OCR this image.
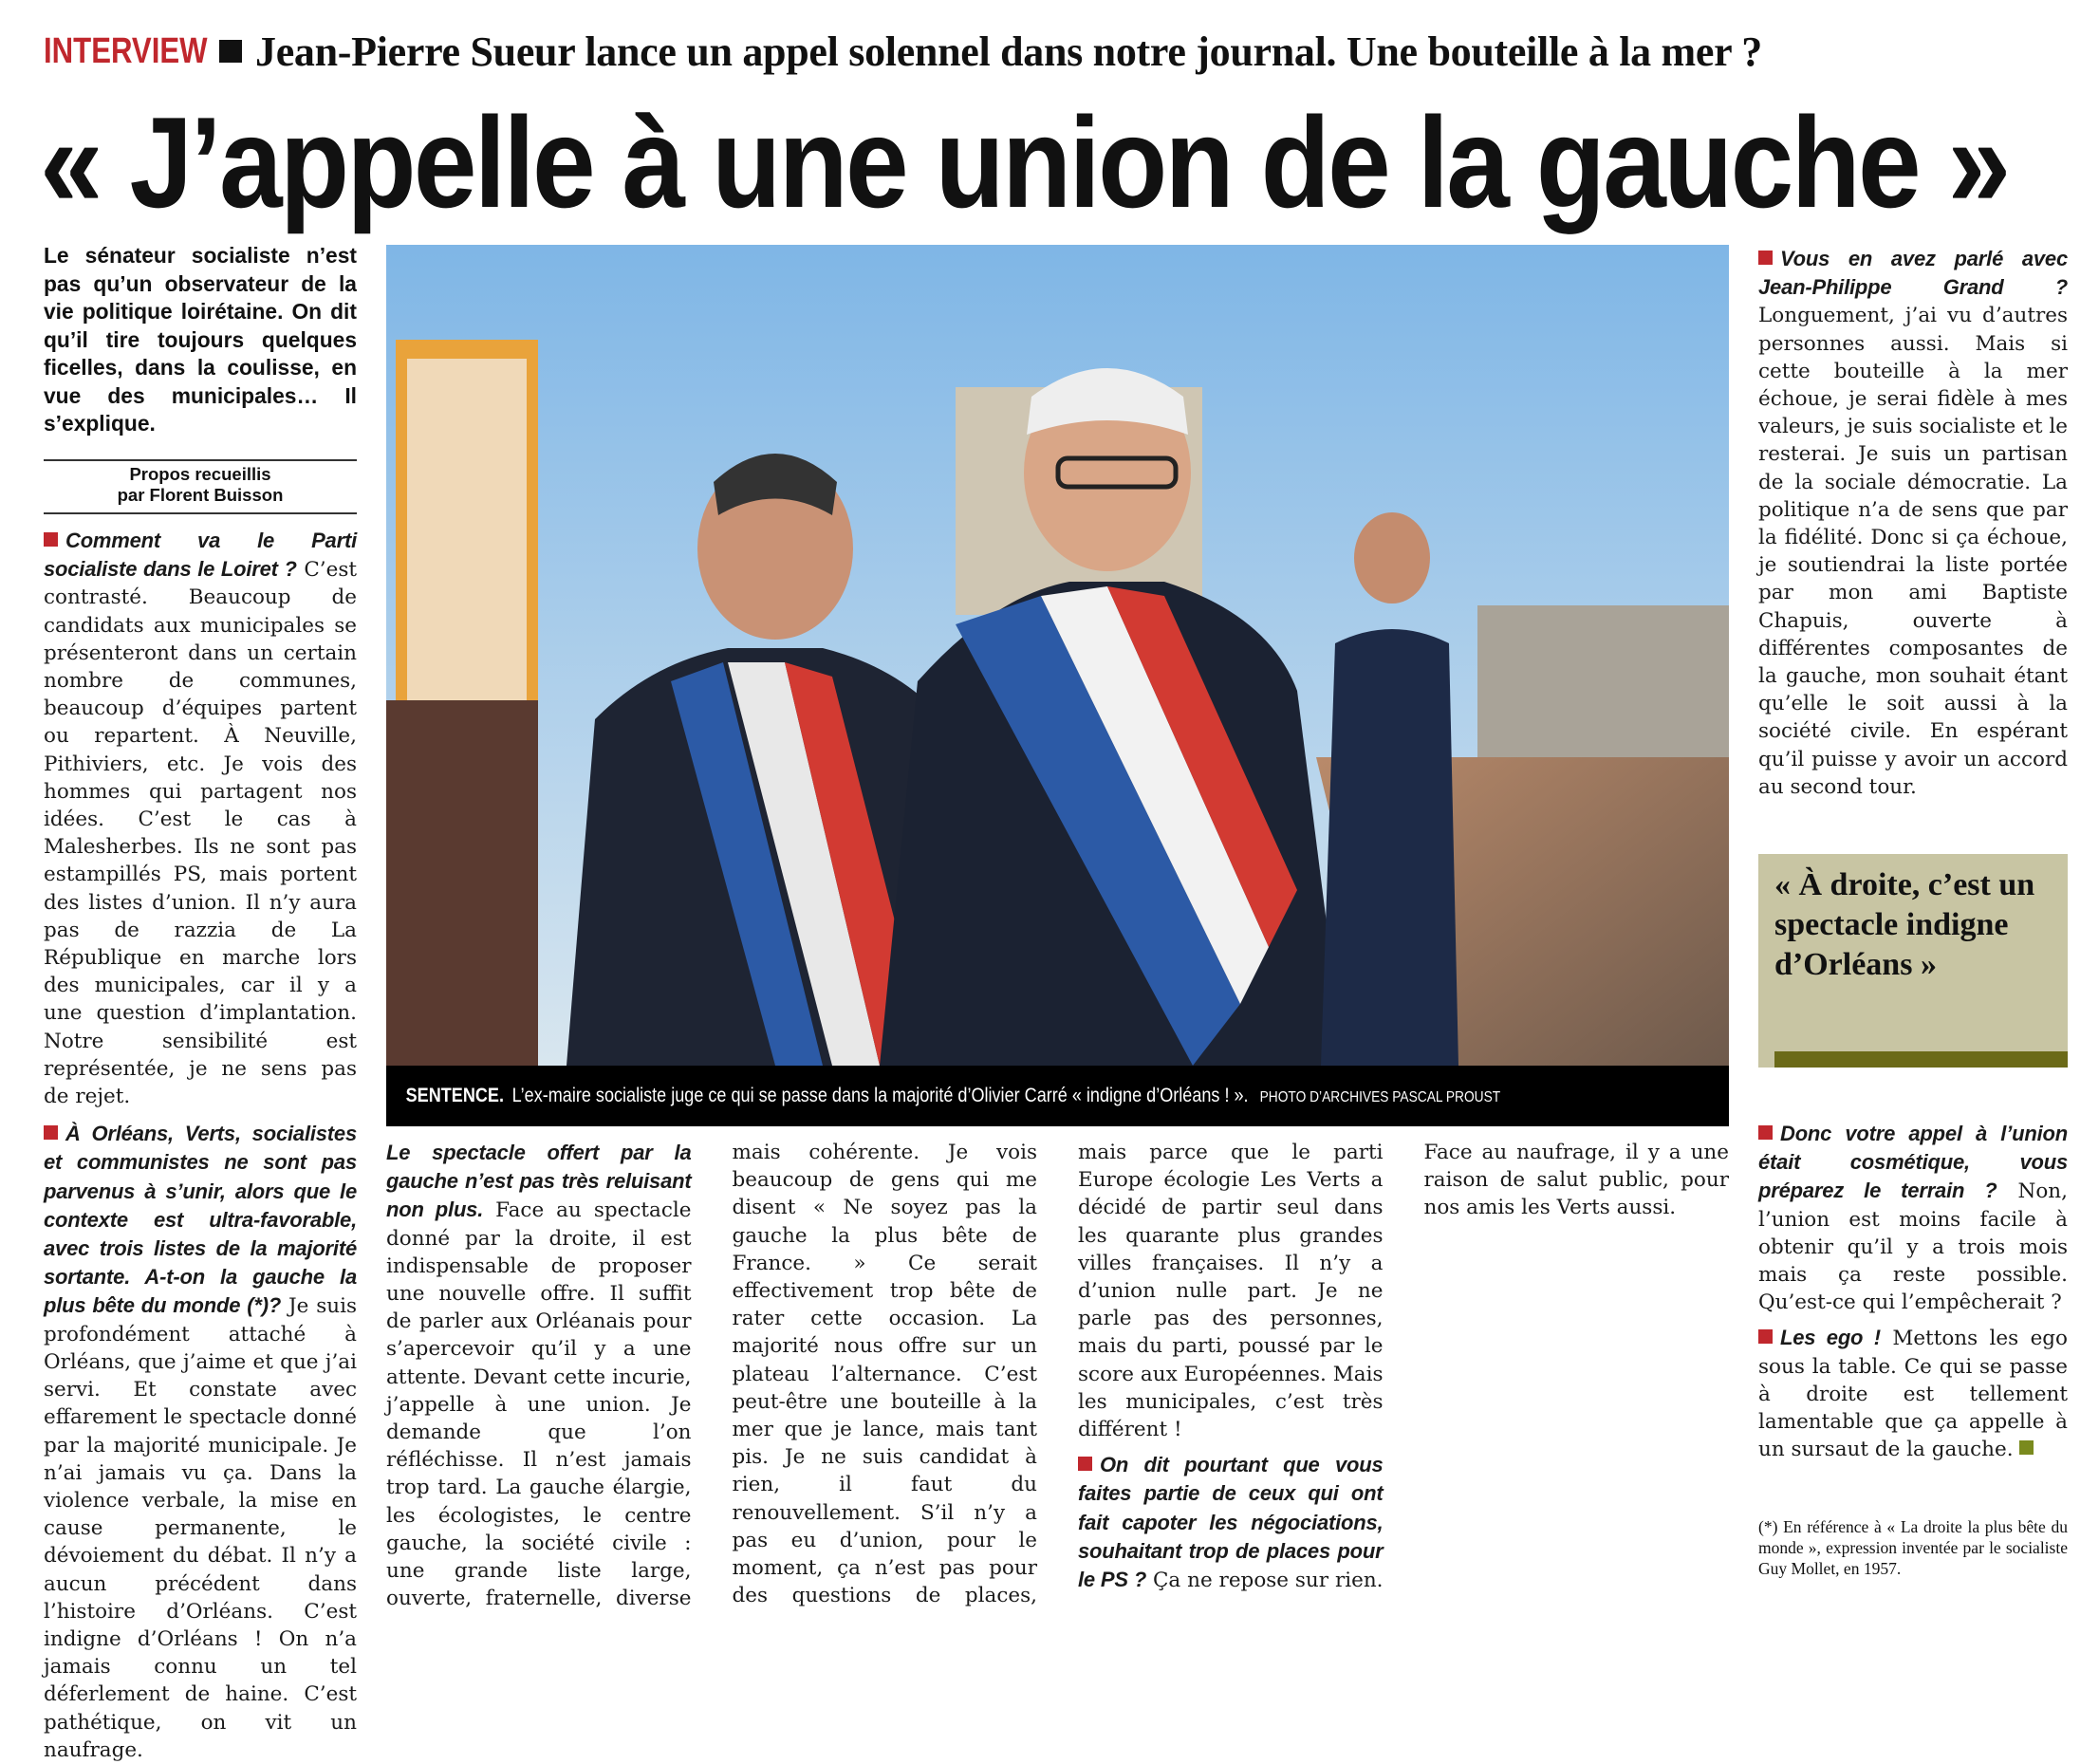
INTERVIEW Jean-Pierre Sueur lance un appel solennel dans notre journal. Une bouteille à la mer ?
« J’appelle à une union de la gauche »
Le sénateur socialiste n’est pas qu’un observateur de la vie politique loirétaine. On dit qu’il tire toujours quelques ficelles, dans la coulisse, en vue des municipales… Il s’explique.
Propos recueillis
par Florent Buisson
SENTENCE. L’ex-maire socialiste juge ce qui se passe dans la majorité d’Olivier Carré « indigne d’Orléans ! ». PHOTO D’ARCHIVES PASCAL PROUST

Comment va le Parti socialiste dans le Loiret ? C’est contrasté. Beaucoup de candidats aux municipales se présenteront dans un certain nombre de communes, beaucoup d’équipes partent ou repartent. À Neuville, Pithiviers, etc. Je vois des hommes qui partagent nos idées. C’est le cas à Malesherbes. Ils ne sont pas estampillés PS, mais portent des listes d’union. Il n’y aura pas de razzia de La République en marche lors des municipales, car il y a une question d’implantation. Notre sensibilité est représentée, je ne sens pas de rejet.

À Orléans, Verts, socialistes et communistes ne sont pas parvenus à s’unir, alors que le contexte est ultra-favorable, avec trois listes de la majorité sortante. A-t-on la gauche la plus bête du monde (*)? Je suis profondément attaché à Orléans, que j’aime et que j’ai servi. Et constate avec effarement le spectacle donné par la majorité municipale. Je n’ai jamais vu ça. Dans la violence verbale, la mise en cause permanente, le dévoiement du débat. Il n’y a aucun précédent dans l’histoire d’Orléans. C’est indigne d’Orléans ! On n’a jamais connu un tel déferlement de haine. C’est pathétique, on vit un naufrage.

Vous en avez parlé avec Jean-Philippe Grand ? Longuement, j’ai vu d’autres personnes aussi. Mais si cette bouteille à la mer échoue, je serai fidèle à mes valeurs, je suis socialiste et le resterai. Je suis un partisan de la sociale démocratie. La politique n’a de sens que par la fidélité. Donc si ça échoue, je soutiendrai la liste portée par mon ami Baptiste Chapuis, ouverte à différentes composantes de la gauche, mon souhait étant qu’elle le soit aussi à la société civile. En espérant qu’il puisse y avoir un accord au second tour.

« À droite, c’est un spectacle indigne d’Orléans »

Donc votre appel à l’union était cosmétique, vous préparez le terrain ? Non, l’union est moins facile à obtenir qu’il y a trois mois mais ça reste possible. Qu’est-ce qui l’empêcherait ?

Les ego ! Mettons les ego sous la table. Ce qui se passe à droite est tellement lamentable que ça appelle à un sursaut de la gauche.

(*) En référence à « La droite la plus bête du monde », expression inventée par le socialiste Guy Mollet, en 1957.

Le spectacle offert par la gauche n’est pas très reluisant non plus. Face au spectacle donné par la droite, il est indispensable de proposer une nouvelle offre. Il suffit de parler aux Orléanais pour s’apercevoir qu’il y a une attente. Devant cette incurie, j’appelle à une union. Je demande que l’on réfléchisse. Il n’est jamais trop tard. La gauche élargie, les écologistes, le centre gauche, la société civile : une grande liste large, ouverte, fraternelle, diverse mais cohérente. Je vois beaucoup de gens qui me disent « Ne soyez pas la gauche la plus bête de France. » Ce serait effectivement trop bête de rater cette occasion. La majorité nous offre sur un plateau l’alternance. C’est peut-être une bouteille à la mer que je lance, mais tant pis. Je ne suis candidat à rien, il faut du renouvellement. S’il n’y a pas eu d’union, pour le moment, ça n’est pas pour des questions de places, mais parce que le parti Europe écologie Les Verts a décidé de partir seul dans les quarante plus grandes villes françaises. Il n’y a d’union nulle part. Je ne parle pas des personnes, mais du parti, poussé par le score aux Européennes. Mais les municipales, c’est très différent !

On dit pourtant que vous faites partie de ceux qui ont fait capoter les négociations, souhaitant trop de places pour le PS ? Ça ne repose sur rien. Face au naufrage, il y a une raison de salut public, pour nos amis les Verts aussi.
